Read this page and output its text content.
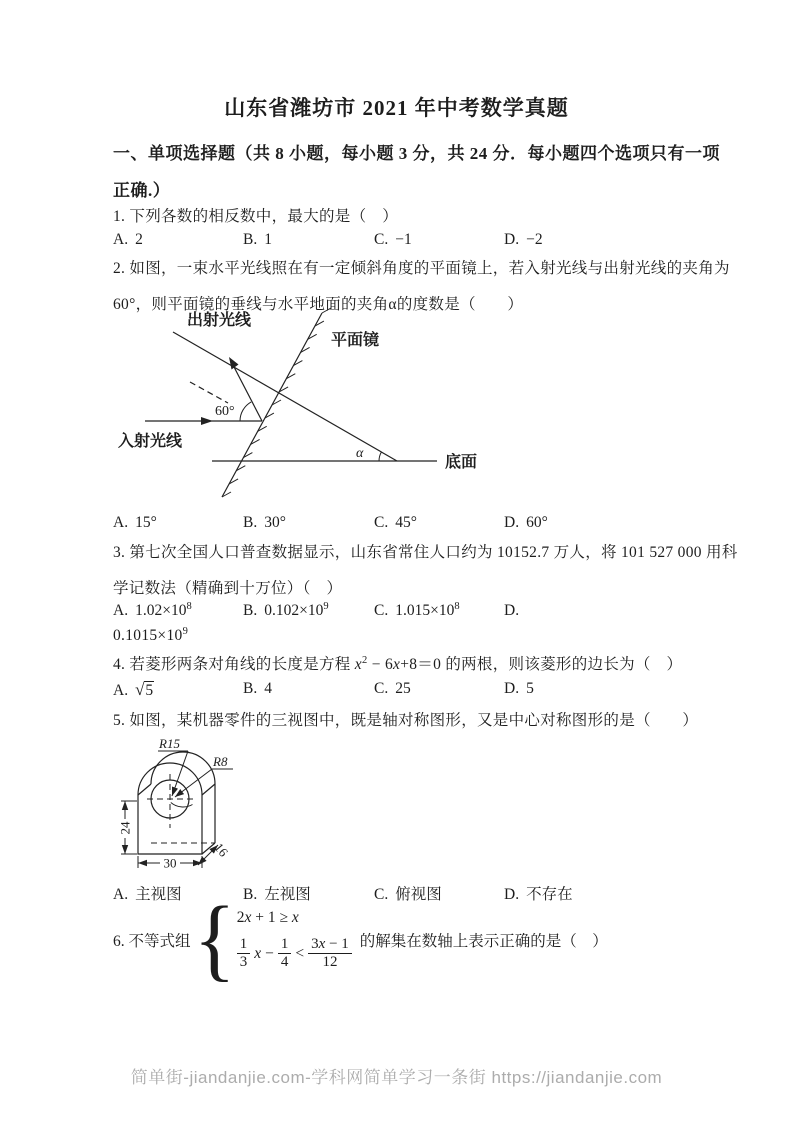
山东省潍坊市 2021 年中考数学真题
一、单项选择题（共 8 小题，每小题 3 分，共 24 分．每小题四个选项只有一项
正确.）
1. 下列各数的相反数中，最大的是（　）
A. 2	B. 1	C. −1	D. −2
2. 如图，一束水平光线照在有一定倾斜角度的平面镜上，若入射光线与出射光线的夹角为
60°，则平面镜的垂线与水平地面的夹角α的度数是（　　）
出射光线
平面镜
入射光线
底面
60°
α
A. 15°	B. 30°	C. 45°	D. 60°
3. 第七次全国人口普查数据显示，山东省常住人口约为 10152.7 万人，将 101 527 000 用科
学记数法（精确到十万位）（　）
A. $1.02\times 10^8$	B. $0.102\times 10^9$	C. $1.015\times 10^8$	D.
$0.1015\times 10^9$
4. 若菱形两条对角线的长度是方程 $x^2 - 6x+8=0$ 的两根，则该菱形的边长为（　）
A. √5	B. 4	C. 25	D. 5
5. 如图，某机器零件的三视图中，既是轴对称图形，又是中心对称图形的是（　　）
R15
R8
24
30
16
A. 主视图	B. 左视图	C. 俯视图	D. 不存在
6. 不等式组 { 2x + 1 ≥ x
$\frac{1}{3}$ $x - \frac{1}{4} < \frac{3x - 1}{12}$ 的解集在数轴上表示正确的是（　）
简单街-jiandanjie.com-学科网简单学习一条街 https://jiandanjie.com
